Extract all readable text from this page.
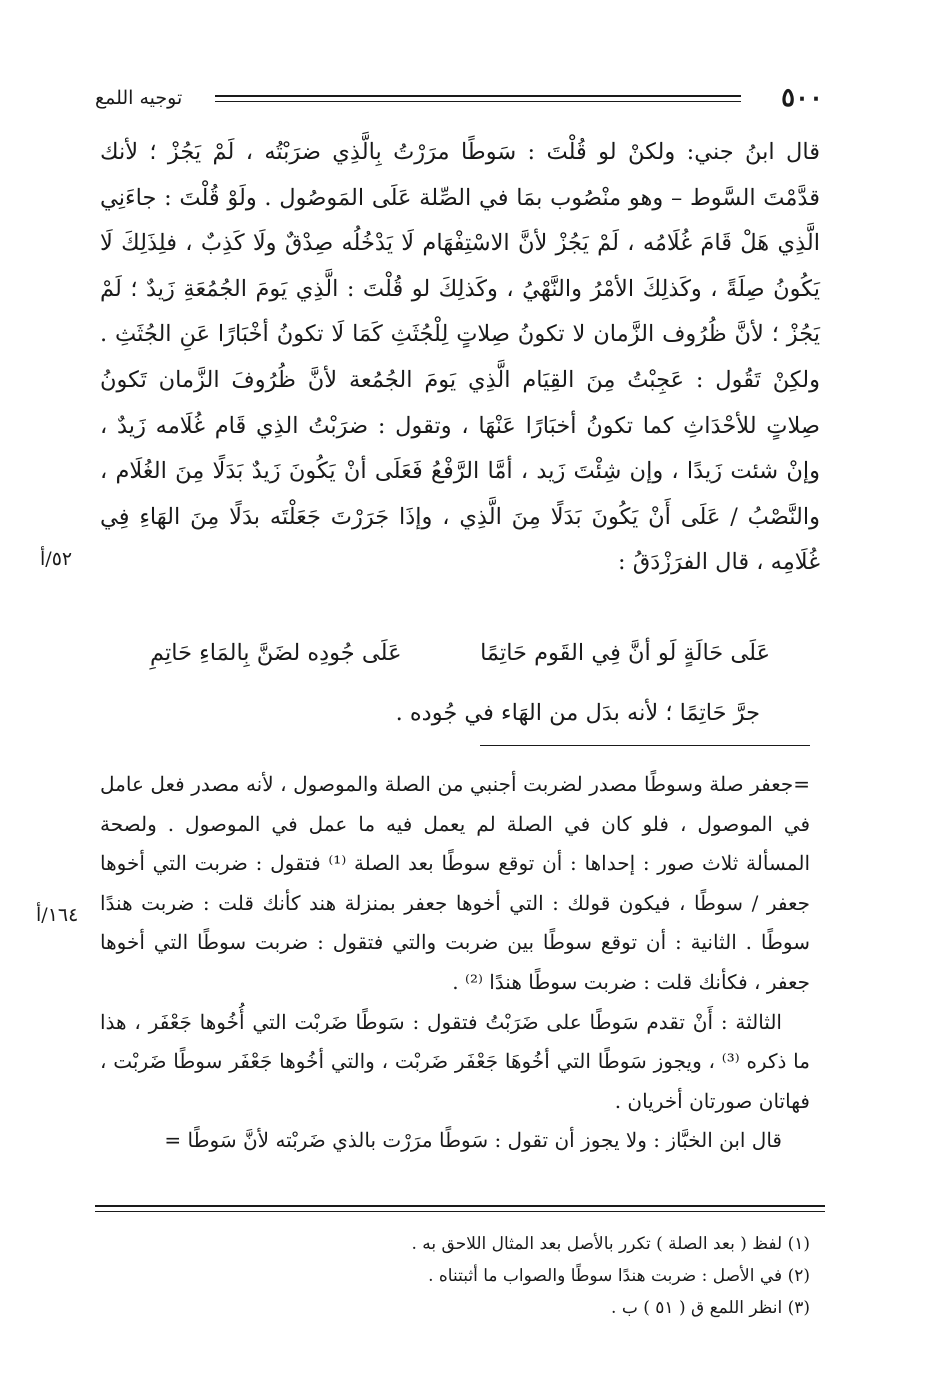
٥٠٠
توجيه اللمع

قال ابنُ جني: ولكنْ لو قُلْتَ : سَوطًا مرَرْتُ بِالَّذِي ضرَبْتُه ، لَمْ يَجُزْ ؛ لأنك قدَّمْتَ السَّوط – وهو منْصُوب بمَا في الصِّلة عَلَى المَوصُول . ولَوْ قُلْتَ : جاءَنِي الَّذِي هَلْ قَامَ غُلَامُه ، لَمْ يَجُزْ لأنَّ الاسْتِفْهَام لَا يَدْخُلُه صِدْقٌ ولَا كَذِبٌ ، فلِذَلِكَ لَا يَكُونُ صِلَةً ، وكَذلِكَ الأمْرُ والنَّهْيُ ، وكَذلِكَ لو قُلْتَ : الَّذِي يَومَ الجُمُعَةِ زَيدٌ ؛ لَمْ يَجُزْ ؛ لأنَّ ظُرُوف الزَّمان لا تكونُ صِلاتٍ لِلْجُثَثِ كَمَا لَا تكونُ أخْبَارًا عَنِ الجُثَثِ . ولكِنْ تَقُول : عَجِبْتُ مِنَ القِيَام الَّذِي يَومَ الجُمُعة لأنَّ ظُرُوفَ الزَّمان تَكونُ صِلاتٍ للأحْدَاثِ كما تكونُ أخبَارًا عَنْهَا ، وتقول : ضرَبْتُ الذِي قَام غُلَامه زَيدٌ ، وإنْ شئت زَيدًا ، وإن شِئْتَ زَيد ، أمَّا الرَّفْعُ فَعَلَى أنْ يَكُونَ زَيدٌ بَدَلًا مِنَ الغُلَام ، والنَّصْبُ / عَلَى أَنْ يَكُونَ بَدَلًا مِنَ الَّذِي ، وإذَا جَرَرْتَ جَعَلْتَه بدَلًا مِنَ الهَاءِ فِي غُلَامِه ، قال الفرَزْدَقُ :

٥٢/أ
عَلَى حَالَةٍ لَو أنَّ فِي القَوم حَاتِمًا
عَلَى جُودِه لضَنَّ بِالمَاءِ حَاتِمِ
جرَّ حَاتِمًا ؛ لأنه بدَل من الهَاء في جُوده .

=جعفر صلة وسوطًا مصدر لضربت أجنبي من الصلة والموصول ، لأنه مصدر فعل عامل في الموصول ، فلو كان في الصلة لم يعمل فيه ما عمل في الموصول . ولصحة المسألة ثلاث صور : إحداها : أن توقع سوطًا بعد الصلة ⁽¹⁾ فتقول : ضربت التي أخوها جعفر / سوطًا ، فيكون قولك : التي أخوها جعفر بمنزلة هند كأنك قلت : ضربت هندًا سوطًا . الثانية : أن توقع سوطًا بين ضربت والتي فتقول : ضربت سوطًا التي أخوها جعفر ، فكأنك قلت : ضربت سوطًا هندًا ⁽²⁾ .

الثالثة : أَنْ تقدم سَوطًا على ضَرَبْتُ فتقول : سَوطًا ضَربْت التي أُخُوها جَعْفَر ، هذا ما ذكره ⁽³⁾ ، ويجوز سَوطًا التي أخُوهَا جَعْفَر ضَربْت ، والتي أخُوها جَعْفَر سوطًا ضَربْت ، فهاتان صورتان أخريان .

قال ابن الخبَّاز : ولا يجوز أن تقول : سَوطًا مرَرْت بالذي ضَربْته لأنَّ سَوطًا =

١٦٤/أ

(١) لفظ ( بعد الصلة ) تكرر بالأصل بعد المثال اللاحق به .

(٢) في الأصل : ضربت هندًا سوطًا والصواب ما أثبتناه .

(٣) انظر اللمع ق ( ٥١ ) ب .
